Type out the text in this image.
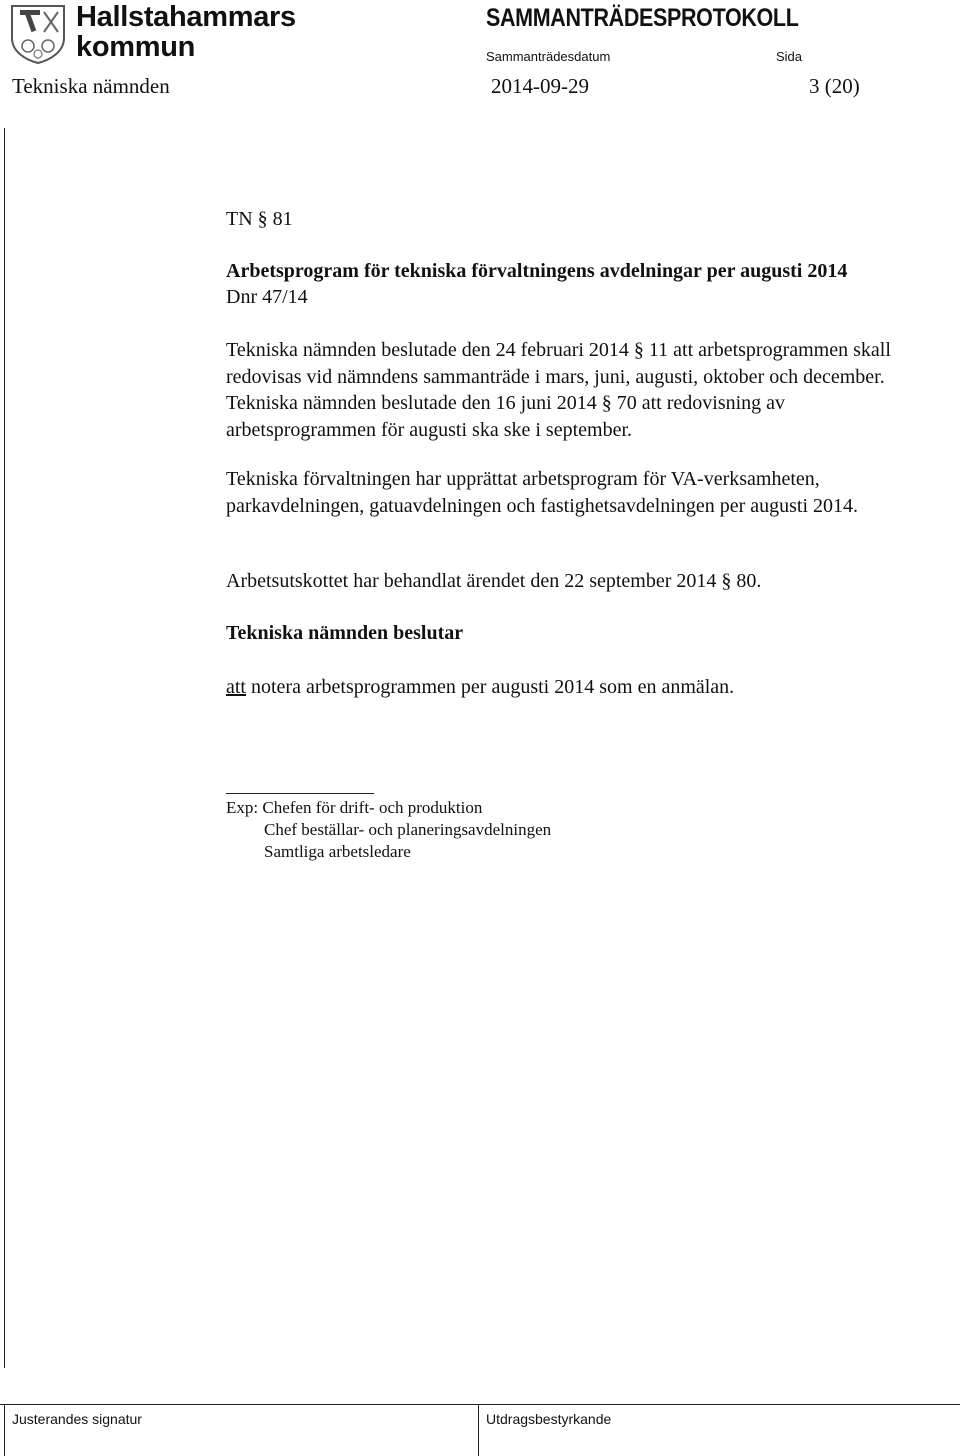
Hallstahammars
kommun
SAMMANTRÄDESPROTOKOLL
Sammanträdesdatum	Sida
Tekniska nämnden	2014-09-29	3 (20)
TN § 81
Arbetsprogram för tekniska förvaltningens avdelningar per augusti 2014
Dnr 47/14
Tekniska nämnden beslutade den 24 februari 2014 § 11 att arbetsprogrammen skall redovisas vid nämndens sammanträde i mars, juni, augusti, oktober och december. Tekniska nämnden beslutade den 16 juni 2014 § 70 att redovisning av arbetsprogrammen för augusti ska ske i september.
Tekniska förvaltningen har upprättat arbetsprogram för VA-verksamheten, parkavdelningen, gatuavdelningen och fastighetsavdelningen per augusti 2014.
Arbetsutskottet har behandlat ärendet den 22 september 2014 § 80.
Tekniska nämnden beslutar
att notera arbetsprogrammen per augusti 2014 som en anmälan.
Exp: Chefen för drift- och produktion
Chef beställar- och planeringsavdelningen
Samtliga arbetsledare
Justerandes signatur	Utdragsbestyrkande
